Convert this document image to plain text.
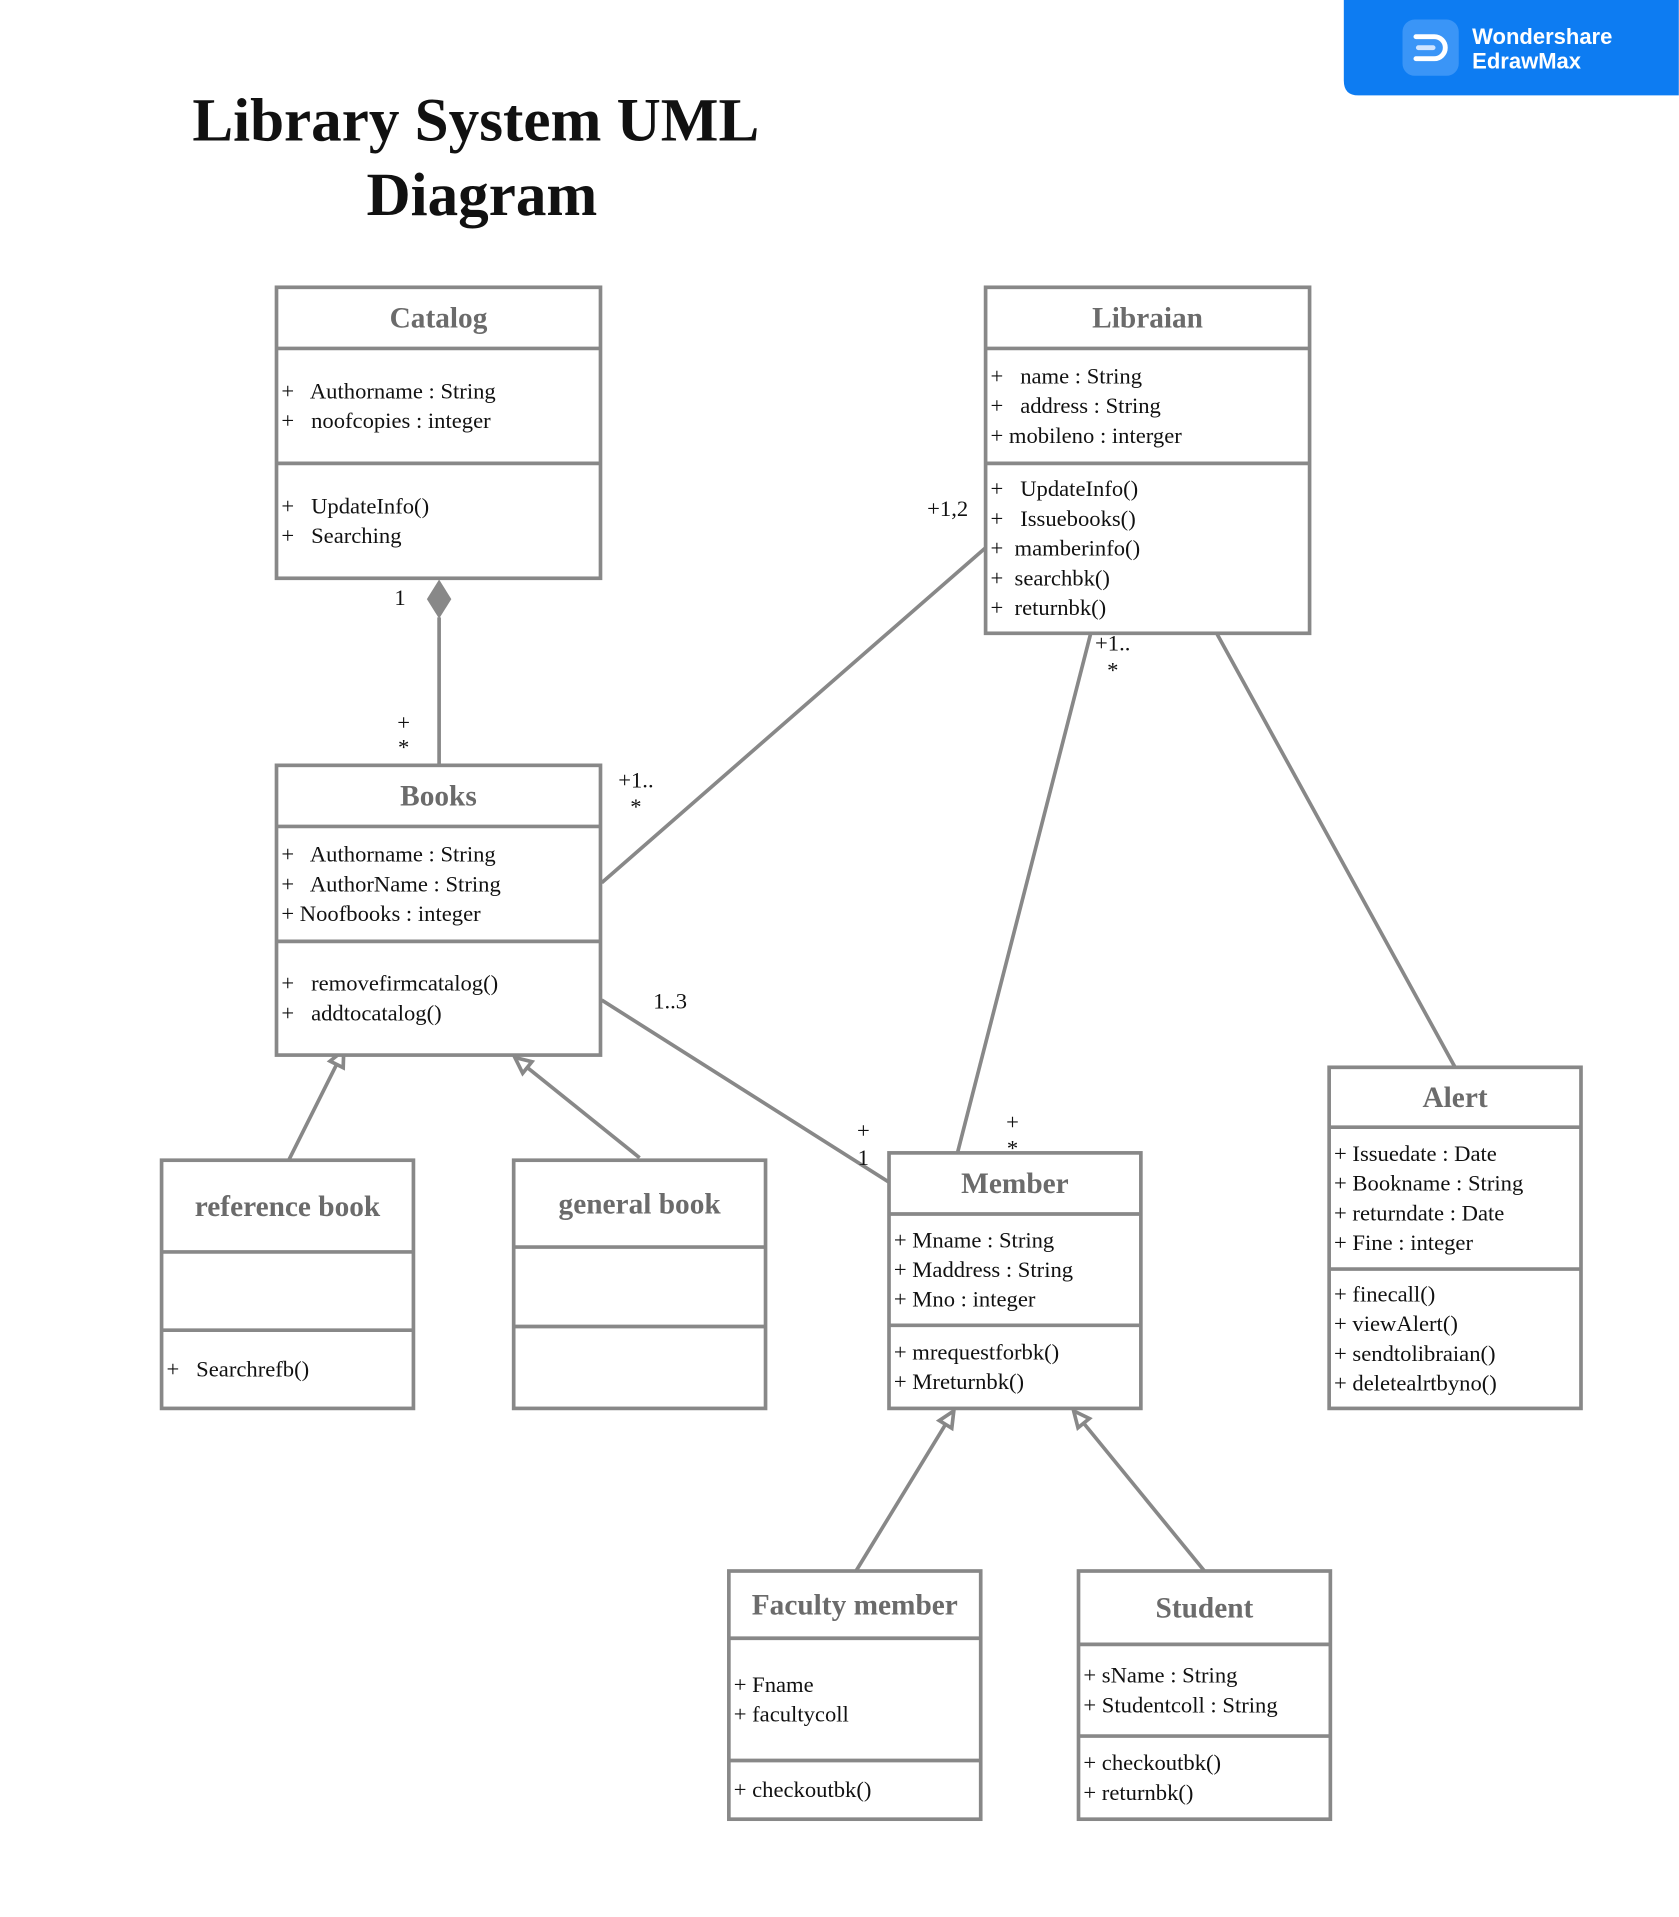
Wondershare
EdrawMax
Library System UML
Diagram
Catalog
+   Authorname : String
+   noofcopies : integer
+   UpdateInfo()
+   Searching
Libraian
+   name : String
+   address : String
+ mobileno : interger
+   UpdateInfo()
+   Issuebooks()
+  mamberinfo()
+  searchbk()
+  returnbk()
Books
+   Authorname : String
+   AuthorName : String
+ Noofbooks : integer
+   removefirmcatalog()
+   addtocatalog()
reference book
+   Searchrefb()
general book
Member
+ Mname : String
+ Maddress : String
+ Mno : integer
+ mrequestforbk()
+ Mreturnbk()
Alert
+ Issuedate : Date
+ Bookname : String
+ returndate : Date
+ Fine : integer
+ finecall()
+ viewAlert()
+ sendtolibraian()
+ deletealrtbyno()
Faculty member
+ Fname
+ facultycoll
+ checkoutbk()
Student
+ sName : String
+ Studentcoll : String
+ checkoutbk()
+ returnbk()
1
+
*
+1..
*
+1,2
+1..
*
1..3
+
1
+
*
